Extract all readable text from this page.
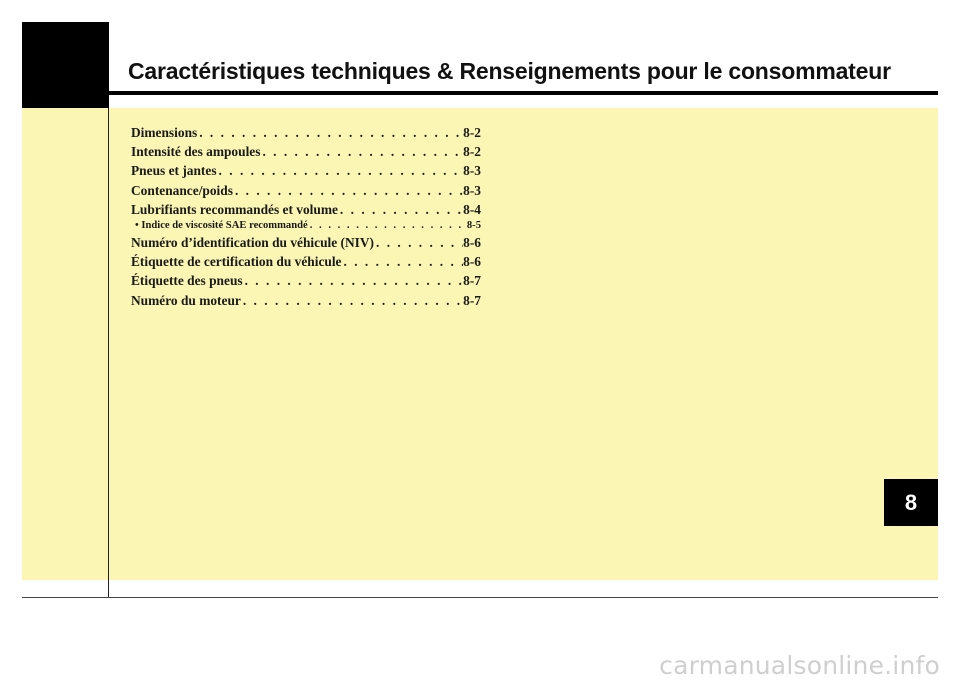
Caractéristiques techniques & Renseignements pour le consommateur
Dimensions . . .	8-2
Intensité des ampoules . . .	8-2
Pneus et jantes . . .	8-3
Contenance/poids . . .	8-3
Lubrifiants recommandés et volume . . .	8-4
• Indice de viscosité SAE recommandé . . .	8-5
Numéro d’identification du véhicule (NIV) . . .	8-6
Étiquette de certification du véhicule . . .	8-6
Étiquette des pneus . . .	8-7
Numéro du moteur . . .	8-7
8
carmanualsonline.info
